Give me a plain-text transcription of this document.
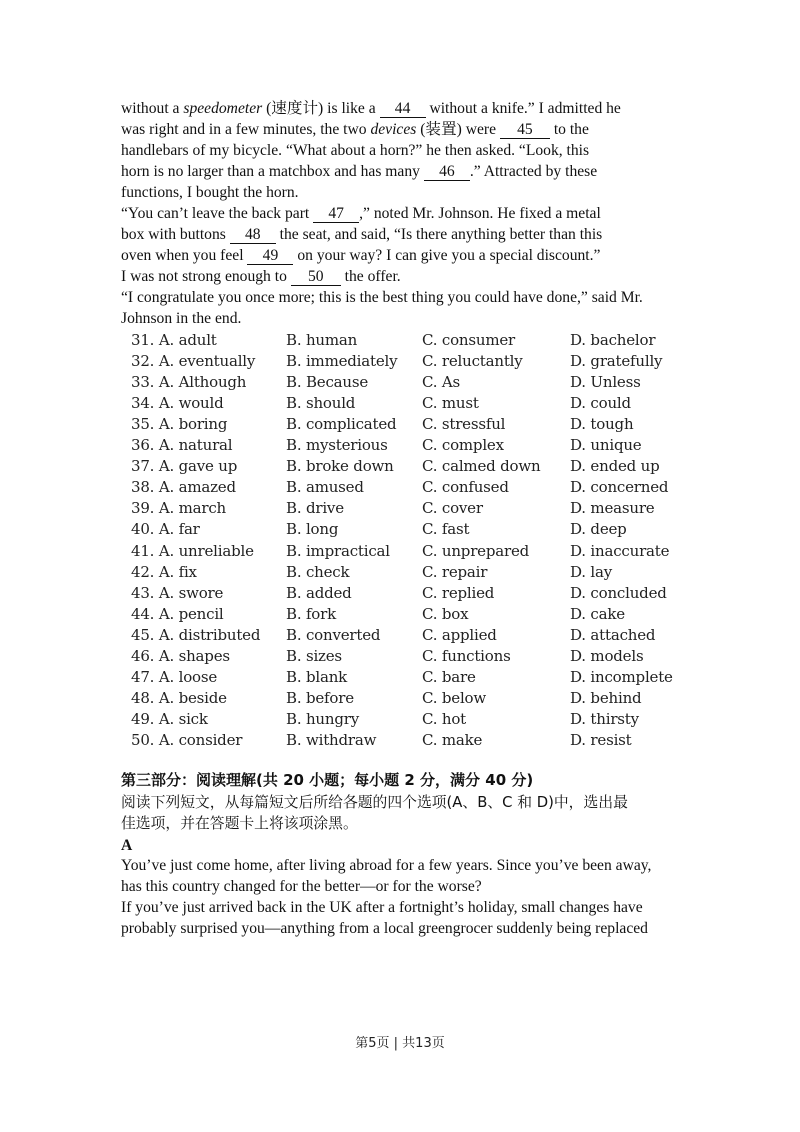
without a speedometer (速度计) is like a 44 without a knife.” I admitted he
was right and in a few minutes, the two devices (装置) were 45 to the
handlebars of my bicycle. “What about a horn?” he then asked. “Look, this
horn is no larger than a matchbox and has many 46 .” Attracted by these
functions, I bought the horn.
“You can’t leave the back part 47 ,” noted Mr. Johnson. He fixed a metal
box with buttons 48 the seat, and said, “Is there anything better than this
oven when you feel 49 on your way? I can give you a special discount.”
I was not strong enough to 50 the offer.
“I congratulate you once more; this is the best thing you could have done,” said Mr.
Johnson in the end.
31. A. adult	B. human	C. consumer	D. bachelor
32. A. eventually B. immediately C. reluctantly	D. gratefully
33. A. Although	B. Because	C. As	D. Unless
34. A. would	B. should	C. must	D. could
35. A. boring	B. complicated C. stressful	D. tough
36. A. natural	B. mysterious C. complex	D. unique
37. A. gave up	B. broke down C. calmed down D. ended up
38. A. amazed	B. amused	C. confused	D. concerned
39. A. march	B. drive	C. cover	D. measure
40. A. far	B. long	C. fast	D. deep
41. A. unreliable B. impractical C. unprepared	D. inaccurate
42. A. fix	B. check	C. repair	D. lay
43. A. swore	B. added	C. replied	D. concluded
44. A. pencil	B. fork	C. box	D. cake
45. A. distributed B. converted	C. applied	D. attached
46. A. shapes	B. sizes	C. functions	D. models
47. A. loose	B. blank	C. bare	D. incomplete
48. A. beside	B. before	C. below	D. behind
49. A. sick	B. hungry	C. hot	D. thirsty
50. A. consider	B. withdraw	C. make	D. resist
第三部分：阅读理解(共 20 小题；每小题 2 分，满分 40 分)
阅读下列短文，从每篇短文后所给各题的四个选项(A、B、C 和 D)中，选出最
佳选项，并在答题卡上将该项涂黑。
A
You’ve just come home, after living abroad for a few years. Since you’ve been away,
has this country changed for the better—or for the worse?
If you’ve just arrived back in the UK after a fortnight’s holiday, small changes have
probably surprised you—anything from a local greengrocer suddenly being replaced
第5页 | 共13页
